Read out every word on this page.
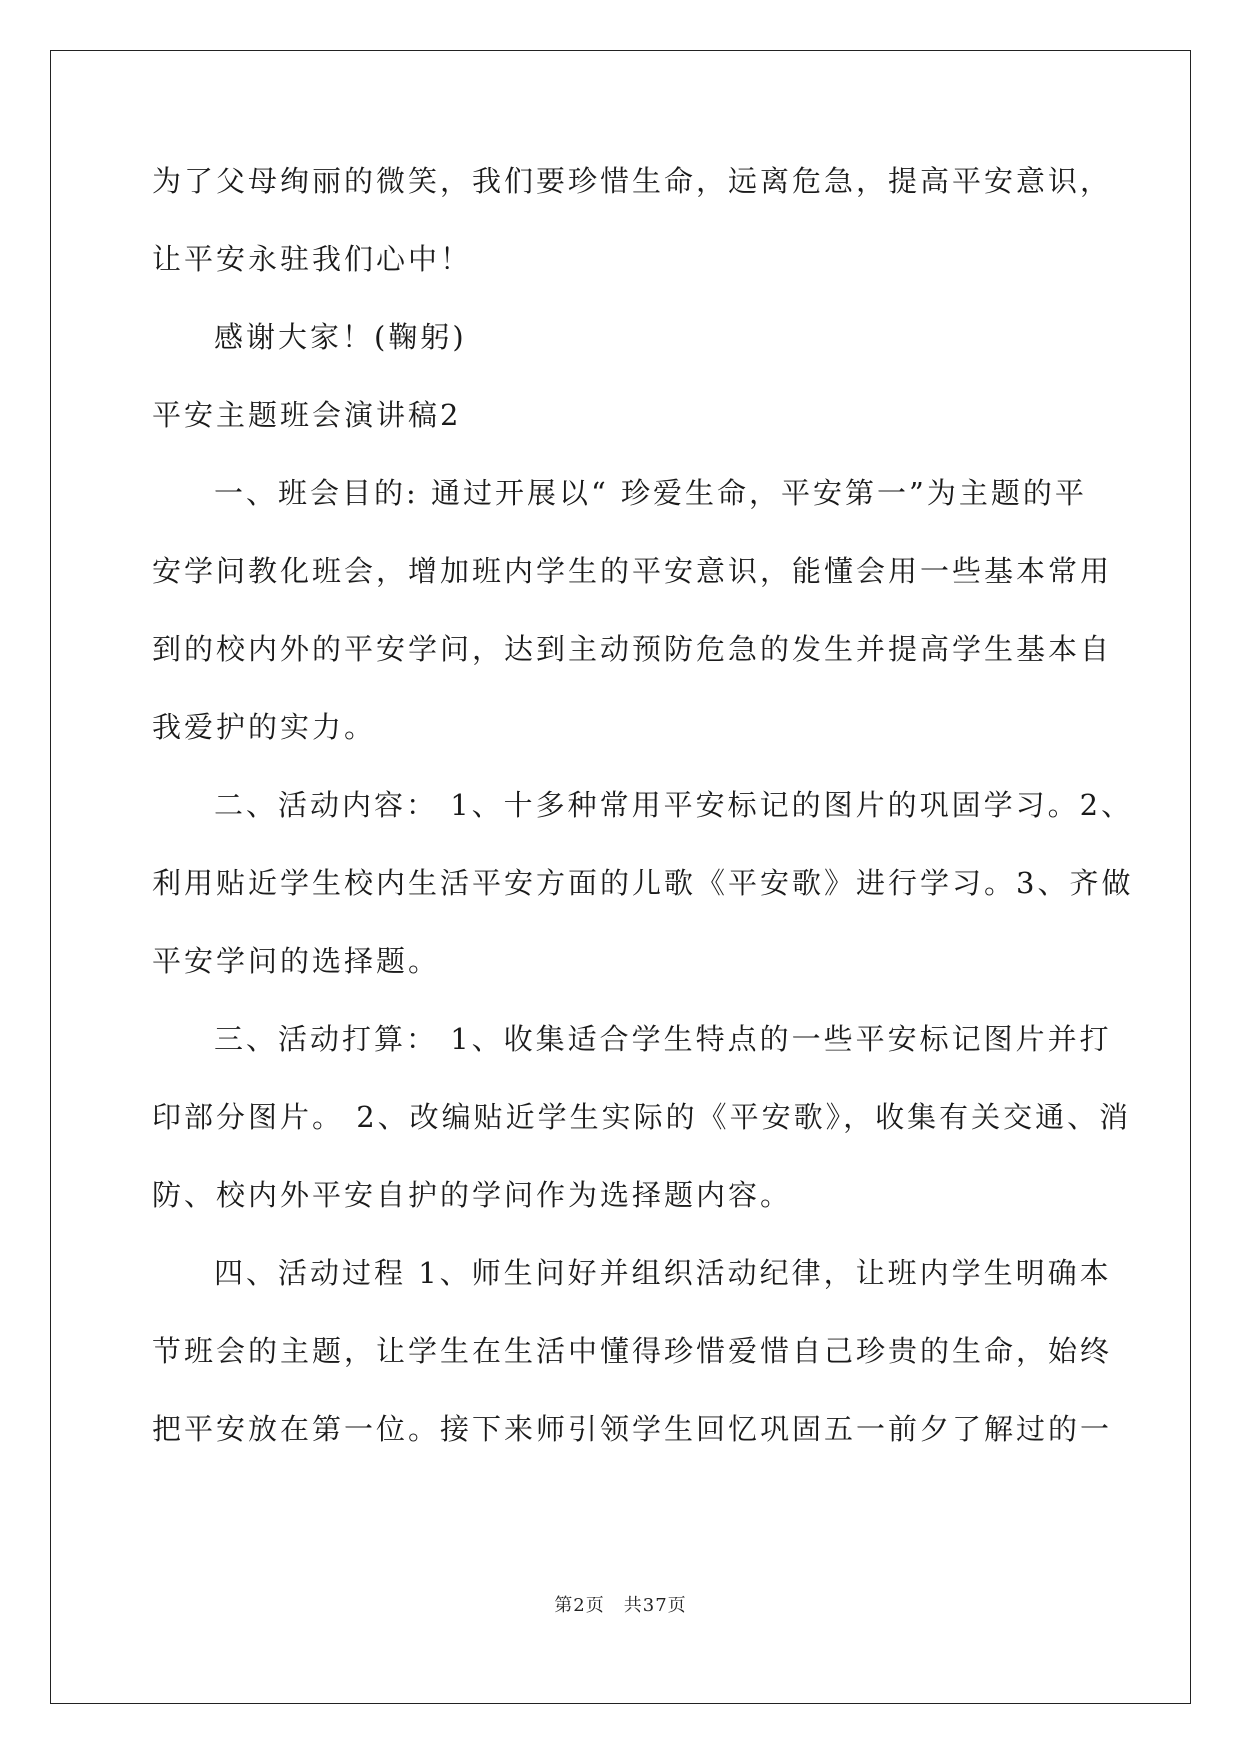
为了父母绚丽的微笑，我们要珍惜生命，远离危急，提高平安意识，
让平安永驻我们心中！
感谢大家！(鞠躬)
平安主题班会演讲稿2
一、班会目的: 通过开展以“ 珍爱生命，平安第一”为主题的平
安学问教化班会，增加班内学生的平安意识，能懂会用一些基本常用
到的校内外的平安学问，达到主动预防危急的发生并提高学生基本自
我爱护的实力。
二、活动内容： 1、十多种常用平安标记的图片的巩固学习。2、
利用贴近学生校内生活平安方面的儿歌《平安歌》进行学习。3、齐做
平安学问的选择题。
三、活动打算： 1、收集适合学生特点的一些平安标记图片并打
印部分图片。 2、改编贴近学生实际的《平安歌》，收集有关交通、消
防、校内外平安自护的学问作为选择题内容。
四、活动过程 1、师生问好并组织活动纪律，让班内学生明确本
节班会的主题，让学生在生活中懂得珍惜爱惜自己珍贵的生命，始终
把平安放在第一位。接下来师引领学生回忆巩固五一前夕了解过的一
第2页　共37页
